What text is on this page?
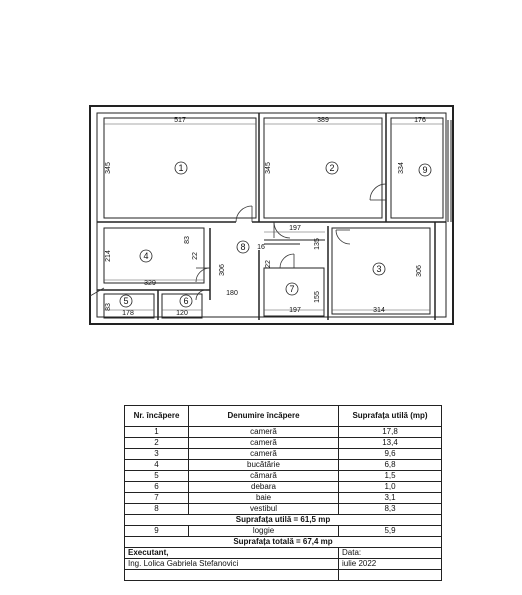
517	389	176
345	345	334
197
135
16
83
22
214
329
306	306
180	155
22
83
178	120	197	314
1	2
3
4
5	6
7
8
9
Nr. încăpere	Denumire încăpere	Suprafața utilă (mp)
1	cameră	17,8
2	cameră	13,4
3	cameră	9,6
4	bucătărie	6,8
5	cămară	1,5
6	debara	1,0
7	baie	3,1
8	vestibul	8,3
Suprafața utilă = 61,5 mp		
9	loggie	5,9
Suprafața totală = 67,4 mp		
Executant,		Data:
Ing. Lolica Gabriela Stefanovici		iulie 2022
